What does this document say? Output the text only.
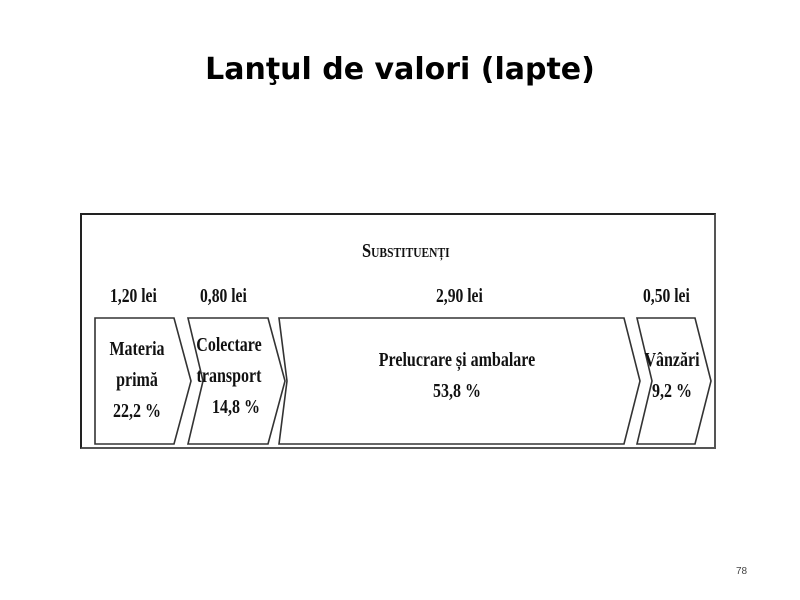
Lanţul de valori (lapte)
Substituenți
1,20 lei 0,80 lei	2,90 lei	0,50 lei
Materia
primă
22,2 %
Colectare
transport
14,8 %
Prelucrare și ambalare
53,8 %
Vânzări
9,2 %
78
